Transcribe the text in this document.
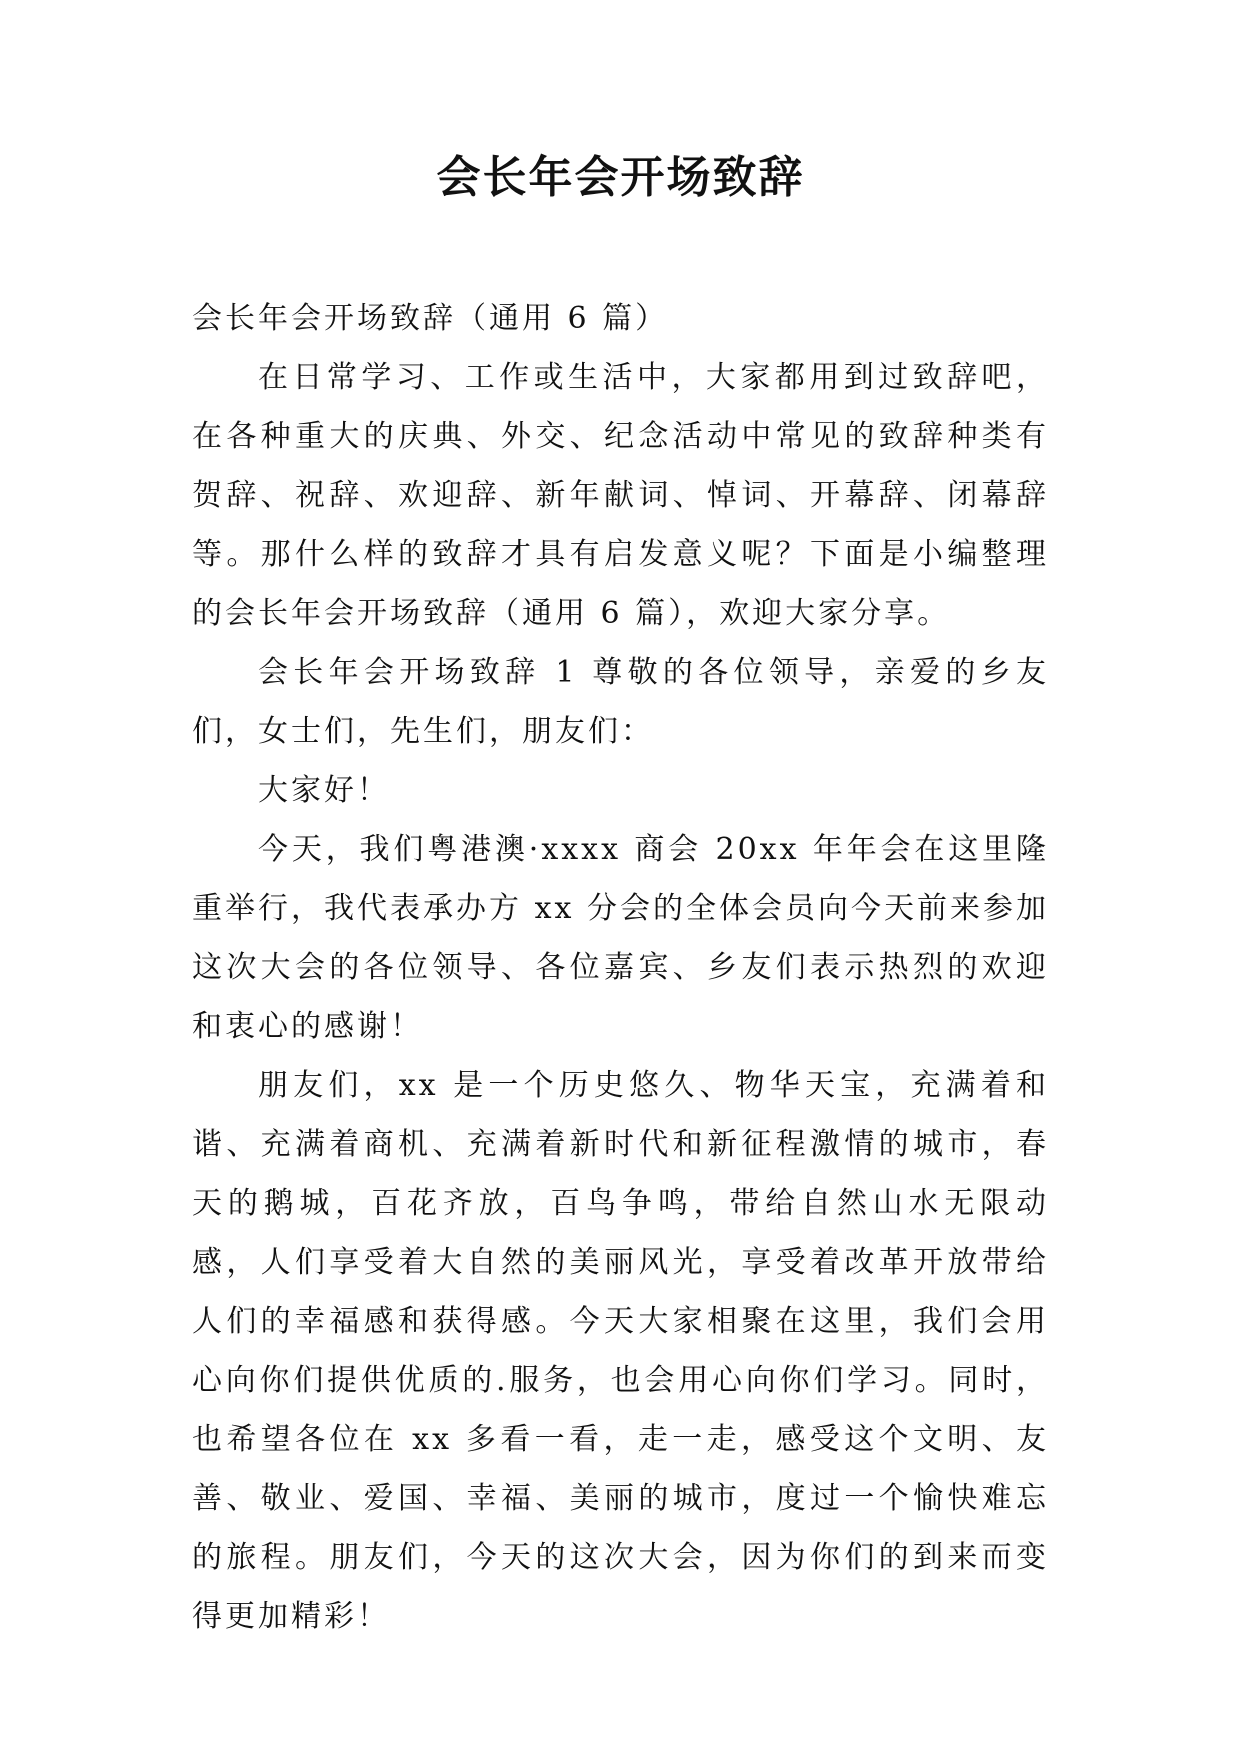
会长年会开场致辞

会长年会开场致辞（通用 6 篇）

在日常学习、工作或生活中，大家都用到过致辞吧，在各种重大的庆典、外交、纪念活动中常见的致辞种类有贺辞、祝辞、欢迎辞、新年献词、悼词、开幕辞、闭幕辞等。那什么样的致辞才具有启发意义呢？下面是小编整理的会长年会开场致辞（通用 6 篇），欢迎大家分享。

会长年会开场致辞 1 尊敬的各位领导，亲爱的乡友们，女士们，先生们，朋友们：

大家好！

今天，我们粤港澳·xxxx 商会 20xx 年年会在这里隆重举行，我代表承办方 xx 分会的全体会员向今天前来参加这次大会的各位领导、各位嘉宾、乡友们表示热烈的欢迎和衷心的感谢！

朋友们，xx 是一个历史悠久、物华天宝，充满着和谐、充满着商机、充满着新时代和新征程激情的城市，春天的鹅城，百花齐放，百鸟争鸣，带给自然山水无限动感，人们享受着大自然的美丽风光，享受着改革开放带给人们的幸福感和获得感。今天大家相聚在这里，我们会用心向你们提供优质的.服务，也会用心向你们学习。同时，也希望各位在 xx 多看一看，走一走，感受这个文明、友善、敬业、爱国、幸福、美丽的城市，度过一个愉快难忘的旅程。朋友们，今天的这次大会，因为你们的到来而变得更加精彩！
